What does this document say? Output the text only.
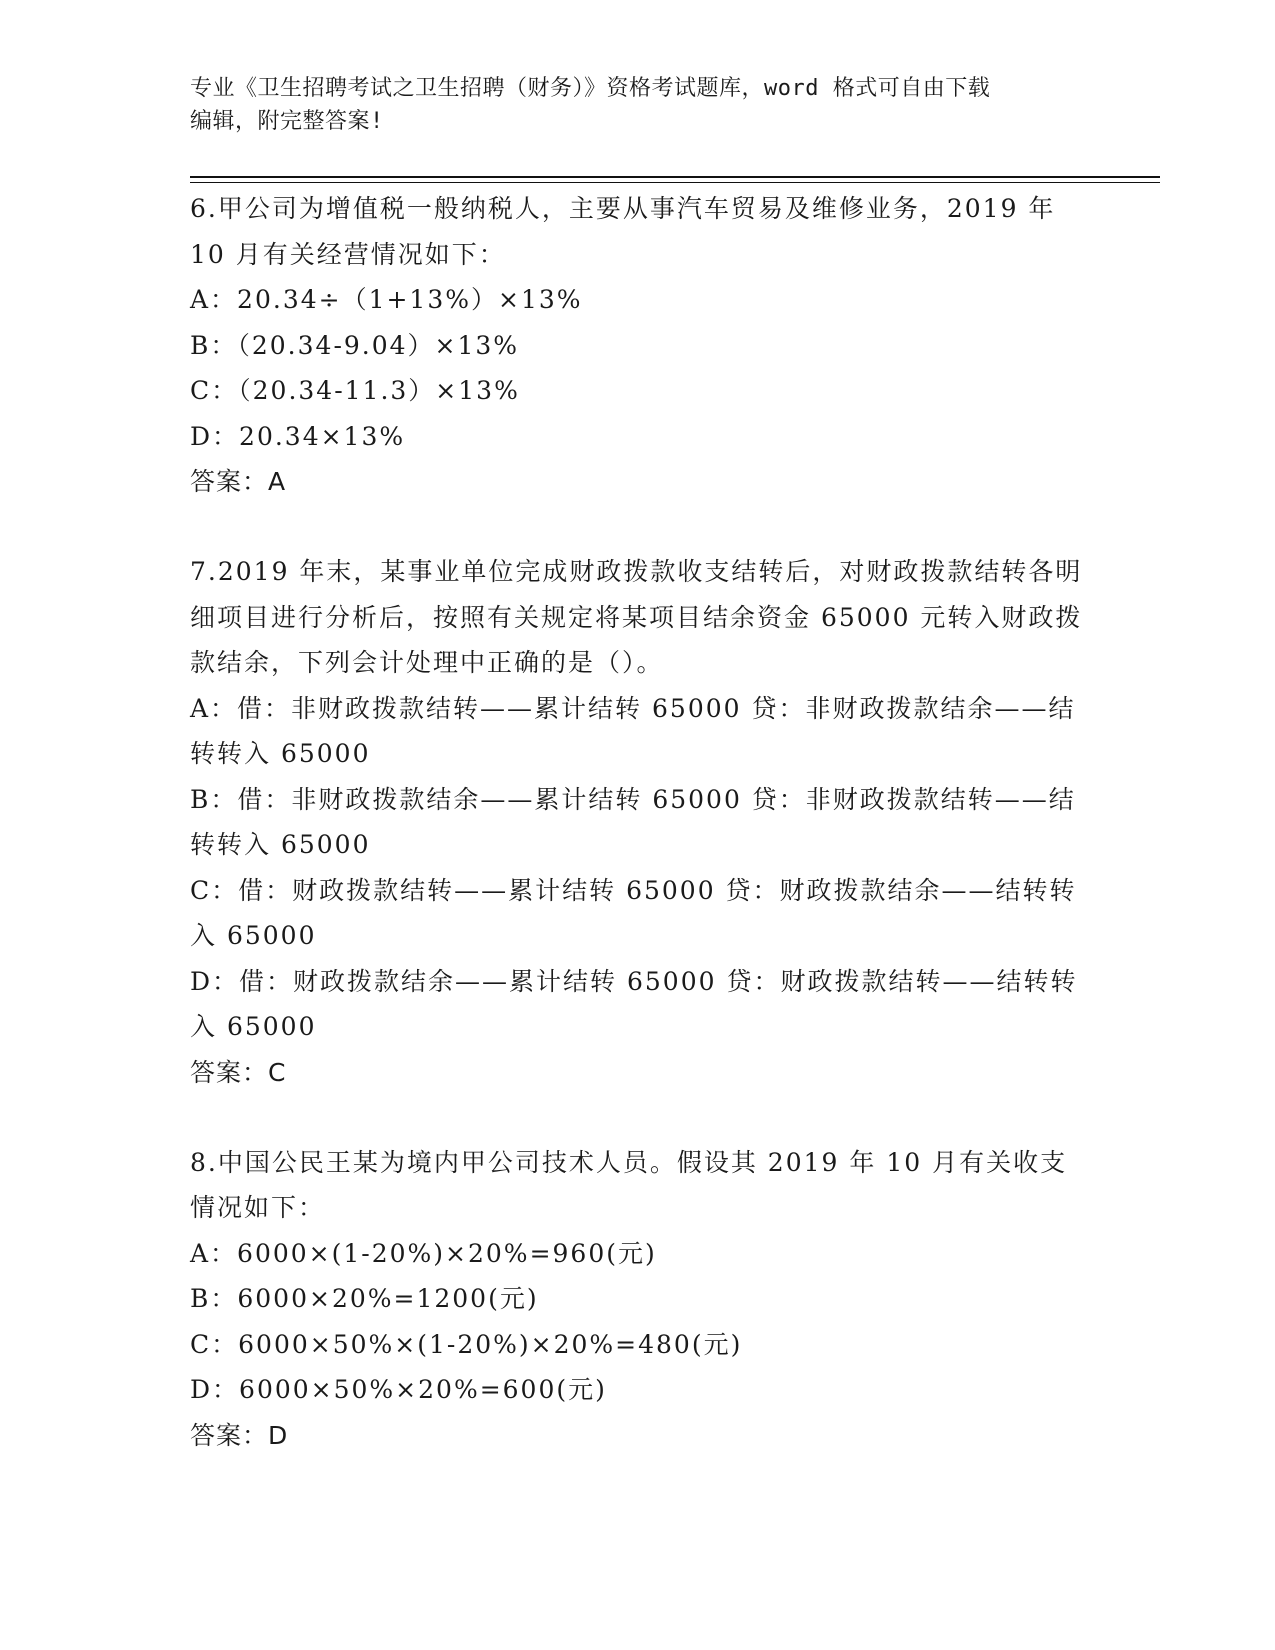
专业《卫生招聘考试之卫生招聘（财务）》资格考试题库，word 格式可自由下载
编辑，附完整答案!

6.甲公司为增值税一般纳税人，主要从事汽车贸易及维修业务，2019 年 10 月有关经营情况如下：

A：20.34÷（1+13%）×13%

B：（20.34-9.04）×13%

C：（20.34-11.3）×13%

D：20.34×13%

答案：A

7.2019 年末，某事业单位完成财政拨款收支结转后，对财政拨款结转各明细项目进行分析后，按照有关规定将某项目结余资金 65000 元转入财政拨款结余，下列会计处理中正确的是（）。

A：借：非财政拨款结转——累计结转 65000 贷：非财政拨款结余——结转转入 65000

B：借：非财政拨款结余——累计结转 65000 贷：非财政拨款结转——结转转入 65000

C：借：财政拨款结转——累计结转 65000 贷：财政拨款结余——结转转入 65000

D：借：财政拨款结余——累计结转 65000 贷：财政拨款结转——结转转入 65000

答案：C

8.中国公民王某为境内甲公司技术人员。假设其 2019 年 10 月有关收支情况如下：

A：6000×(1-20%)×20%=960(元)

B：6000×20%=1200(元)

C：6000×50%×(1-20%)×20%=480(元)

D：6000×50%×20%=600(元)

答案：D
